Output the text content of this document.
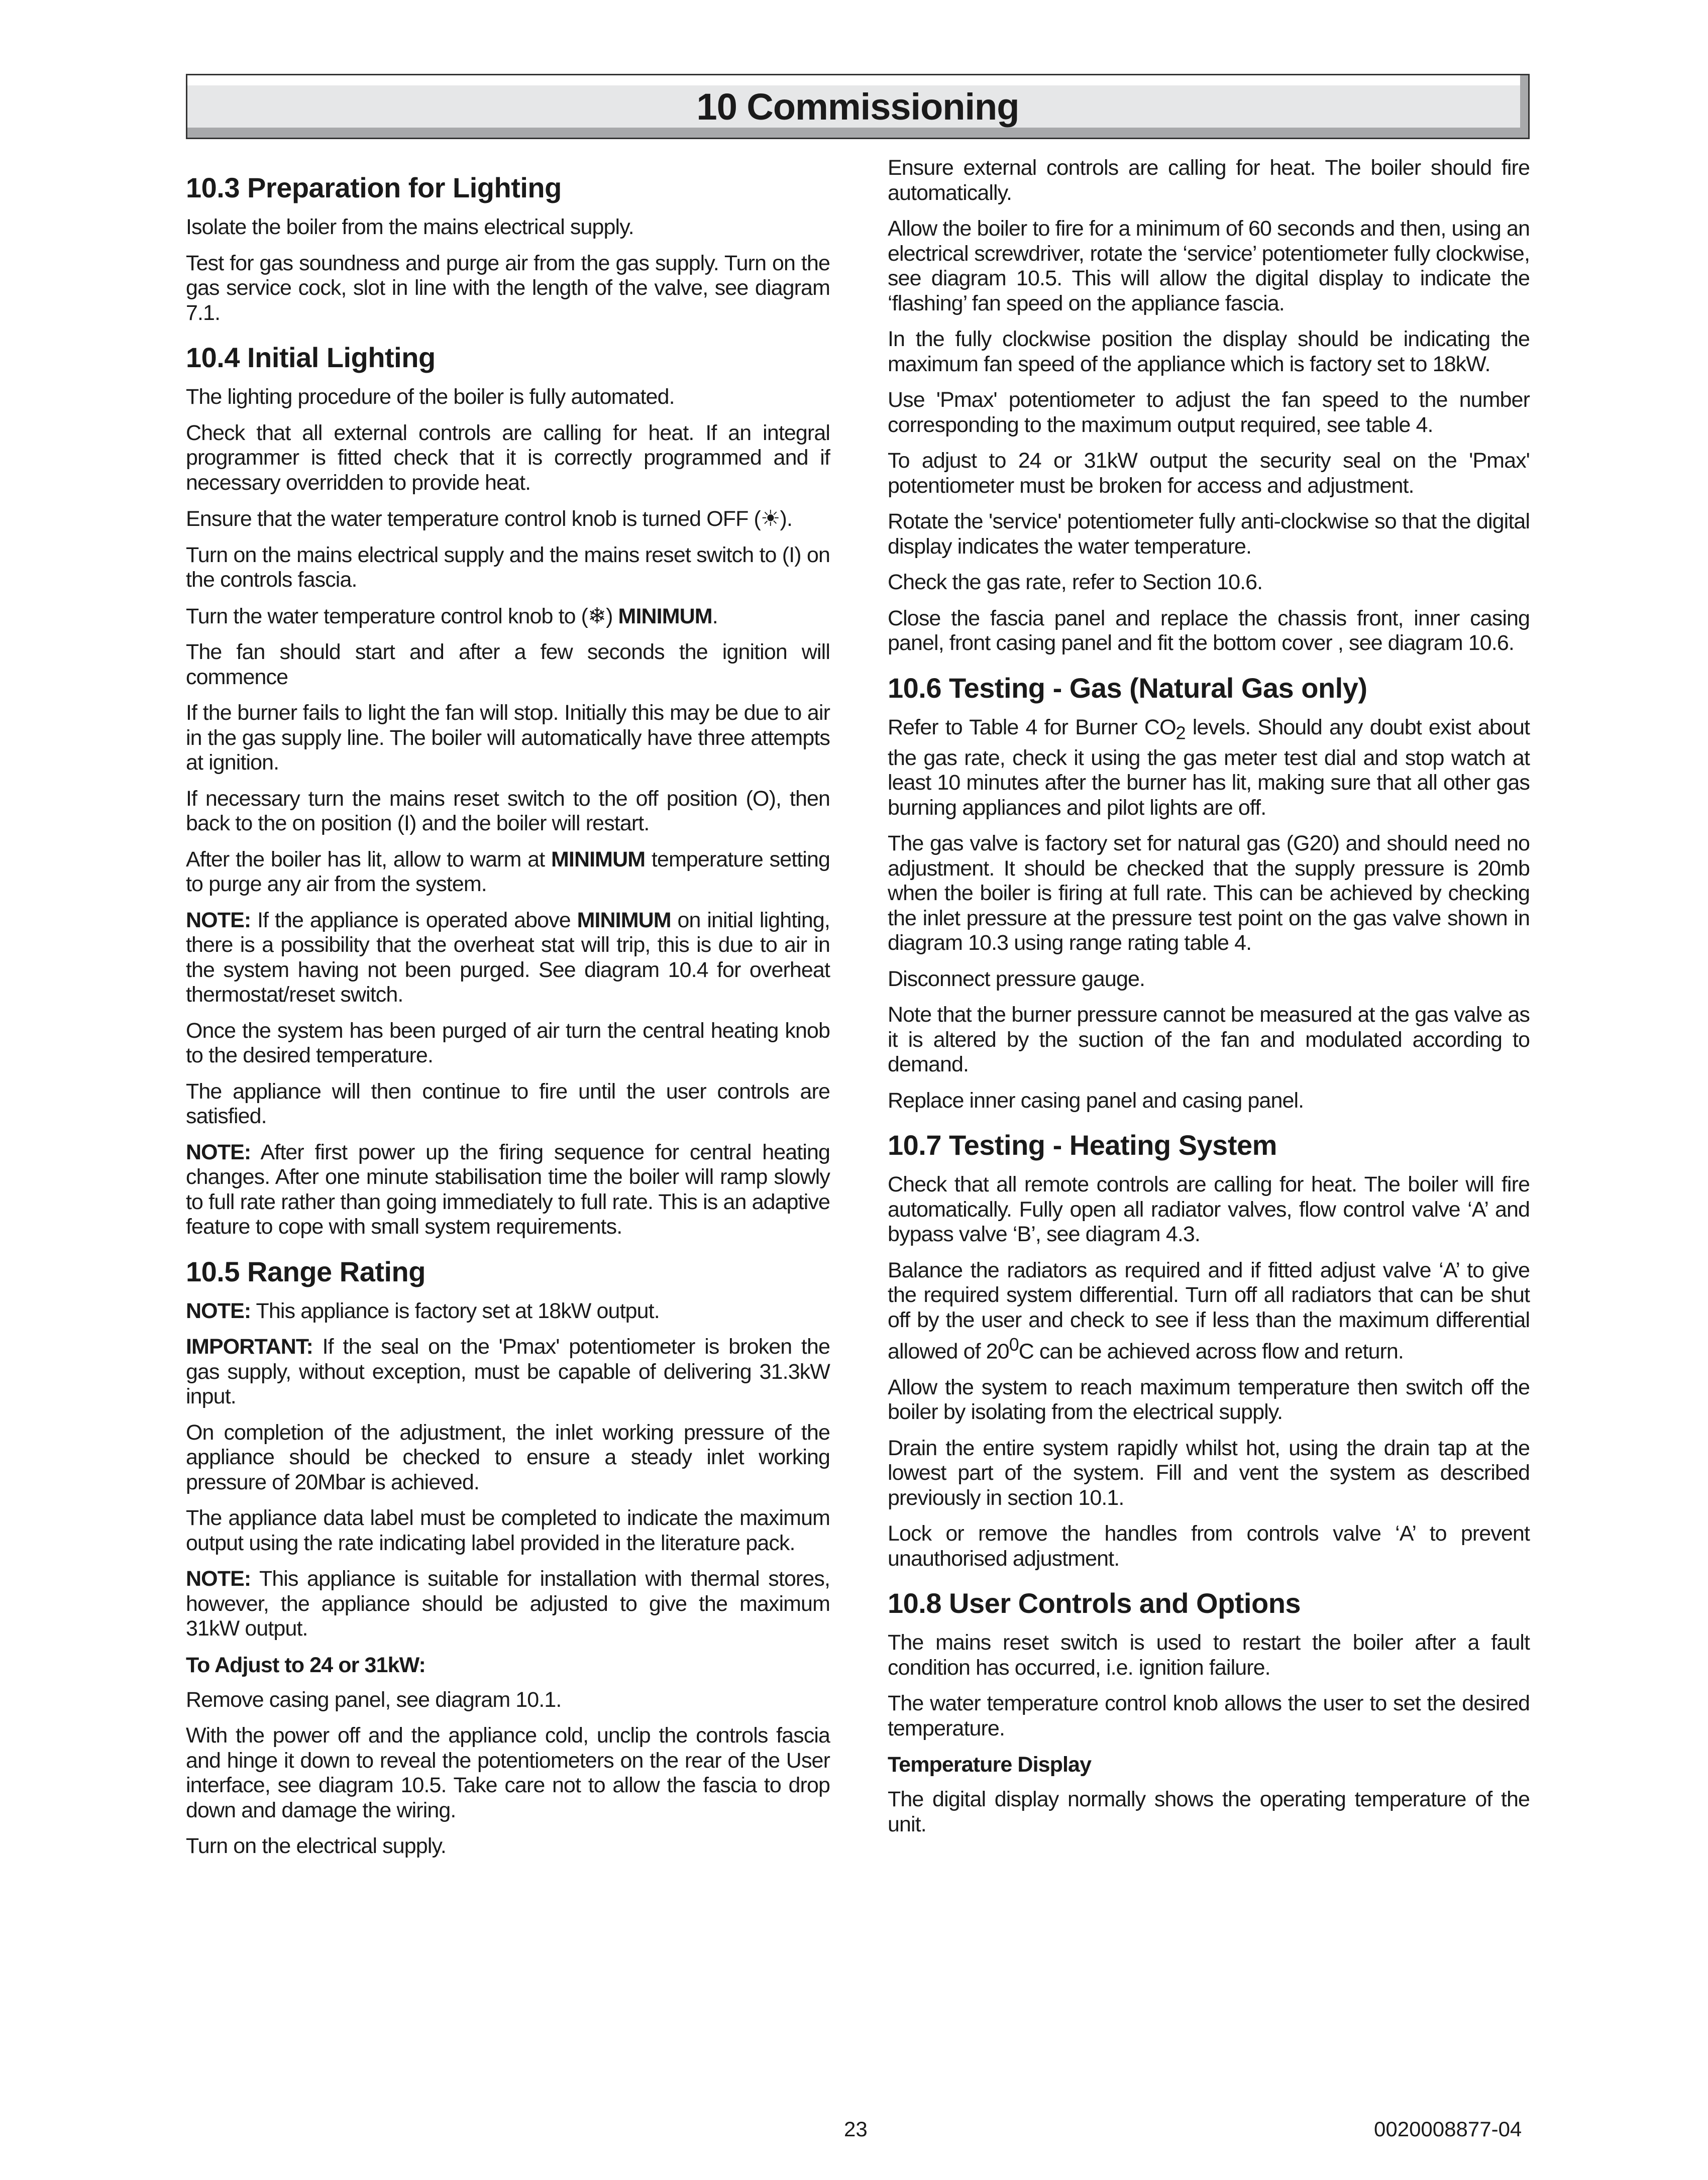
10 Commissioning
10.3 Preparation for Lighting

Isolate the boiler from the mains electrical supply.

Test for gas soundness and purge air from the gas supply. Turn on the gas service cock, slot in line with the length of the valve, see diagram 7.1.

10.4 Initial Lighting

The lighting procedure of the boiler is fully automated.

Check that all external controls are calling for heat. If an integral programmer is fitted check that it is correctly programmed and if necessary overridden to provide heat.

Ensure that the water temperature control knob is turned OFF (☀).

Turn on the mains electrical supply and the mains reset switch to (I) on the controls fascia.

Turn the water temperature control knob to (❄) MINIMUM.

The fan should start and after a few seconds the ignition will commence

If the burner fails to light the fan will stop. Initially this may be due to air in the gas supply line. The boiler will automatically have three attempts at ignition.

If necessary turn the mains reset switch to the off position (O), then back to the on position (I) and the boiler will restart.

After the boiler has lit, allow to warm at MINIMUM temperature setting to purge any air from the system.

NOTE: If the appliance is operated above MINIMUM on initial lighting, there is a possibility that the overheat stat will trip, this is due to air in the system having not been purged. See diagram 10.4 for overheat thermostat/reset switch.

Once the system has been purged of air turn the central heating knob to the desired temperature.

The appliance will then continue to fire until the user controls are satisfied.

NOTE: After first power up the firing sequence for central heating changes. After one minute stabilisation time the boiler will ramp slowly to full rate rather than going immediately to full rate. This is an adaptive feature to cope with small system requirements.

10.5 Range Rating

NOTE: This appliance is factory set at 18kW output.

IMPORTANT: If the seal on the 'Pmax' potentiometer is broken the gas supply, without exception, must be capable of delivering 31.3kW input.

On completion of the adjustment, the inlet working pressure of the appliance should be checked to ensure a steady inlet working pressure of 20Mbar is achieved.

The appliance data label must be completed to indicate the maximum output using the rate indicating label provided in the literature pack.

NOTE: This appliance is suitable for installation with thermal stores, however, the appliance should be adjusted to give the maximum 31kW output.

To Adjust to 24 or 31kW:

Remove casing panel, see diagram 10.1.

With the power off and the appliance cold, unclip the controls fascia and hinge it down to reveal the potentiometers on the rear of the User interface, see diagram 10.5. Take care not to allow the fascia to drop down and damage the wiring.

Turn on the electrical supply.

Ensure external controls are calling for heat. The boiler should fire automatically.

Allow the boiler to fire for a minimum of 60 seconds and then, using an electrical screwdriver, rotate the ‘service’ potentiometer fully clockwise, see diagram 10.5. This will allow the digital display to indicate the ‘flashing’ fan speed on the appliance fascia.

In the fully clockwise position the display should be indicating the maximum fan speed of the appliance which is factory set to 18kW.

Use 'Pmax' potentiometer to adjust the fan speed to the number corresponding to the maximum output required, see table 4.

To adjust to 24 or 31kW output the security seal on the 'Pmax' potentiometer must be broken for access and adjustment.

Rotate the 'service' potentiometer fully anti-clockwise so that the digital display indicates the water temperature.

Check the gas rate, refer to Section 10.6.

Close the fascia panel and replace the chassis front, inner casing panel, front casing panel and fit the bottom cover , see diagram 10.6.

10.6 Testing - Gas (Natural Gas only)

Refer to Table 4 for Burner $CO_2$ levels. Should any doubt exist about the gas rate, check it using the gas meter test dial and stop watch at least 10 minutes after the burner has lit, making sure that all other gas burning appliances and pilot lights are off.

The gas valve is factory set for natural gas (G20) and should need no adjustment. It should be checked that the supply pressure is 20mb when the boiler is firing at full rate. This can be achieved by checking the inlet pressure at the pressure test point on the gas valve shown in diagram 10.3 using range rating table 4.

Disconnect pressure gauge.

Note that the burner pressure cannot be measured at the gas valve as it is altered by the suction of the fan and modulated according to demand.

Replace inner casing panel and casing panel.

10.7 Testing - Heating System

Check that all remote controls are calling for heat. The boiler will fire automatically. Fully open all radiator valves, flow control valve ‘A’ and bypass valve ‘B’, see diagram 4.3.

Balance the radiators as required and if fitted adjust valve ‘A’ to give the required system differential. Turn off all radiators that can be shut off by the user and check to see if less than the maximum differential allowed of $20^0C$ can be achieved across flow and return.

Allow the system to reach maximum temperature then switch off the boiler by isolating from the electrical supply.

Drain the entire system rapidly whilst hot, using the drain tap at the lowest part of the system. Fill and vent the system as described previously in section 10.1.

Lock or remove the handles from controls valve ‘A’ to prevent unauthorised adjustment.

10.8 User Controls and Options

The mains reset switch is used to restart the boiler after a fault condition has occurred, i.e. ignition failure.

The water temperature control knob allows the user to set the desired temperature.

Temperature Display

The digital display normally shows the operating temperature of the unit.

23	0020008877-04
